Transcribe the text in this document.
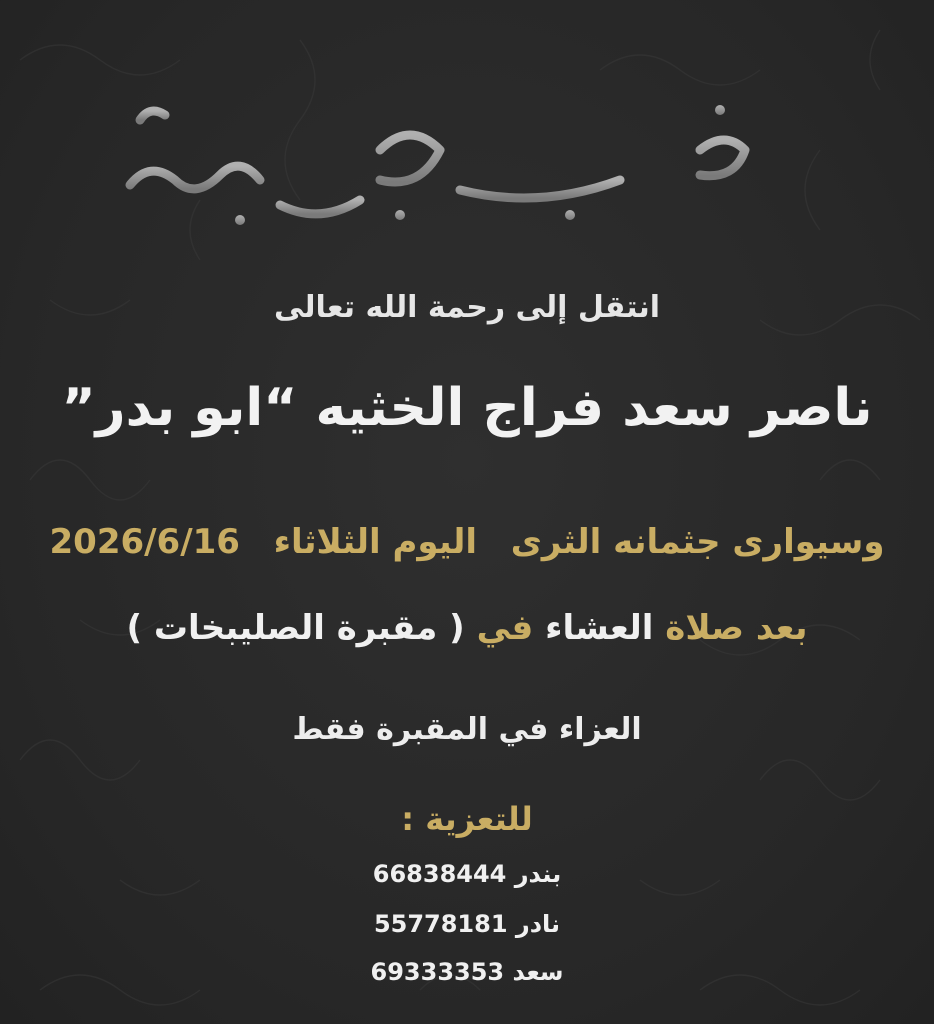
انتقل إلى رحمة الله تعالى
ناصر سعد فراج الخثيه “ابو بدر”
وسيوارى جثمانه الثرى  اليوم الثلاثاء  2026/6/16
بعد صلاة العشاء في ( مقبرة الصليبخات )
العزاء في المقبرة فقط
للتعزية :
بندر 66838444
نادر 55778181
سعد 69333353
